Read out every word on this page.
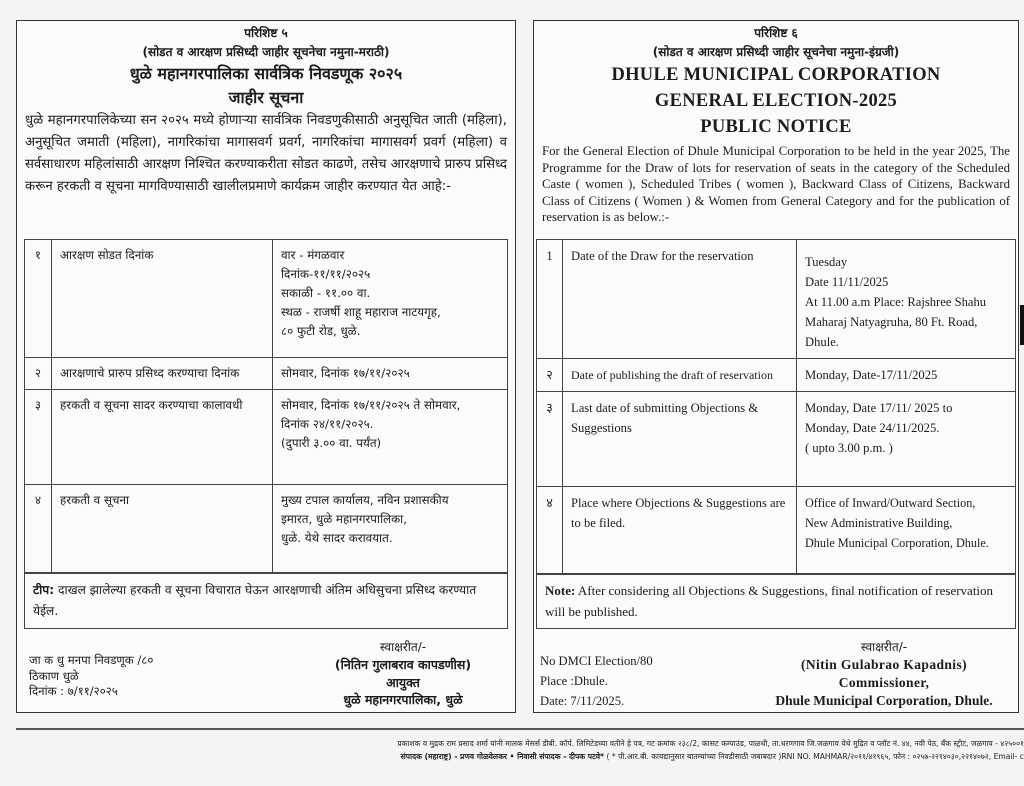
परिशिष्ट ५
(सोडत व आरक्षण प्रसिध्दी जाहीर सूचनेचा नमुना-मराठी)
धुळे महानगरपालिका सार्वत्रिक निवडणूक २०२५
जाहीर सूचना
धुळे महानगरपालिकेच्या सन २०२५ मध्ये होणाऱ्या सार्वत्रिक निवडणुकीसाठी अनुसूचित जाती (महिला), अनुसूचित जमाती (महिला), नागरिकांचा मागासवर्ग प्रवर्ग, नागरिकांचा मागासवर्ग प्रवर्ग (महिला) व सर्वसाधारण महिलांसाठी आरक्षण निश्चित करण्याकरीता सोडत काढणे, तसेच आरक्षणाचे प्रारुप प्रसिध्द करून हरकती व सूचना मागविण्यासाठी खालीलप्रमाणे कार्यक्रम जाहीर करण्यात येत आहे:-
१	आरक्षण सोडत दिनांक	वार - मंगळवार
दिनांक-११/११/२०२५
सकाळी - ११.०० वा.
स्थळ - राजर्षी शाहू महाराज नाटयगृह,
८० फुटी रोड, धुळे.

२	आरक्षणाचे प्रारुप प्रसिध्द करण्याचा दिनांक	सोमवार, दिनांक १७/११/२०२५

३	हरकती व सूचना सादर करण्याचा कालावधी	सोमवार, दिनांक १७/११/२०२५ ते सोमवार,
दिनांक २४/११/२०२५.
(दुपारी ३.०० वा. पर्यंत)

४	हरकती व सूचना	मुख्य टपाल कार्यालय, नविन प्रशासकीय
इमारत, धुळे महानगरपालिका,
धुळे. येथे सादर करावयात.
टीप: दाखल झालेल्या हरकती व सूचना विचारात घेऊन आरक्षणाची अंतिम अधिसुचना प्रसिध्द करण्यात येईल.
जा क धु मनपा निवडणूक /८०
ठिकाण धुळे
दिनांक : ७/११/२०२५
स्वाक्षरीत/-
(नितिन गुलाबराव कापडणीस)
आयुक्त
धुळे महानगरपालिका, धुळे
परिशिष्ट ६
(सोडत व आरक्षण प्रसिध्दी जाहीर सूचनेचा नमुना-इंग्रजी)
DHULE MUNICIPAL CORPORATION
GENERAL ELECTION-2025
PUBLIC NOTICE
For the General Election of Dhule Municipal Corporation to be held in the year 2025, The Programme for the Draw of lots for reservation of seats in the category of the Scheduled Caste ( women ), Scheduled Tribes ( women ), Backward Class of Citizens, Backward Class of Citizens ( Women ) & Women from General Category and for the publication of reservation is as below.:-
1	Date of the Draw for the reservation	Tuesday
Date 11/11/2025
At 11.00 a.m Place: Rajshree Shahu
Maharaj Natyagruha, 80 Ft. Road,
Dhule.

२	Date of publishing the draft of reservation	Monday, Date-17/11/2025

३	Last date of submitting Objections & Suggestions	Monday, Date 17/11/ 2025 to
Monday, Date 24/11/2025.
( upto 3.00 p.m. )

४	Place where Objections & Suggestions are to be filed.	Office of Inward/Outward Section,
New Administrative Building,
Dhule Municipal Corporation, Dhule.
Note: After considering all Objections & Suggestions, final notification of reservation will be published.
No DMCI Election/80
Place :Dhule.
Date: 7/11/2025.
स्वाक्षरीत/-
(Nitin Gulabrao Kapadnis)
Commissioner,
Dhule Municipal Corporation, Dhule.
प्रकाशक व मुद्रक राम प्रसाद शर्मा यांनी मालक मेसर्स डीबी. कॉर्प. लिमिटेडच्या वतीने हे पत्र, गट क्रमांक २३८/2, कासट कम्पाउंड, पाळधी, ता.धरणगाव जि.जळगाव येथे मुद्रित व प्लॉट नं. ४४, नवी पेठ, बँक स्ट्रीट, जळगाव - ४२५००१
संपादक (महाराष्ट्र) - प्रणव गोळवेलकर • निवासी संपादक - दीपक पटवे* ( * पी.आर.बी. कायद्यानुसार बातम्यांच्या निवडीसाठी जबाबदार )RNI NO. MAHMAR/२०११/४१९६५, फोन : ०२५७-२२१४०३०,२२१४०७२, Email- c
